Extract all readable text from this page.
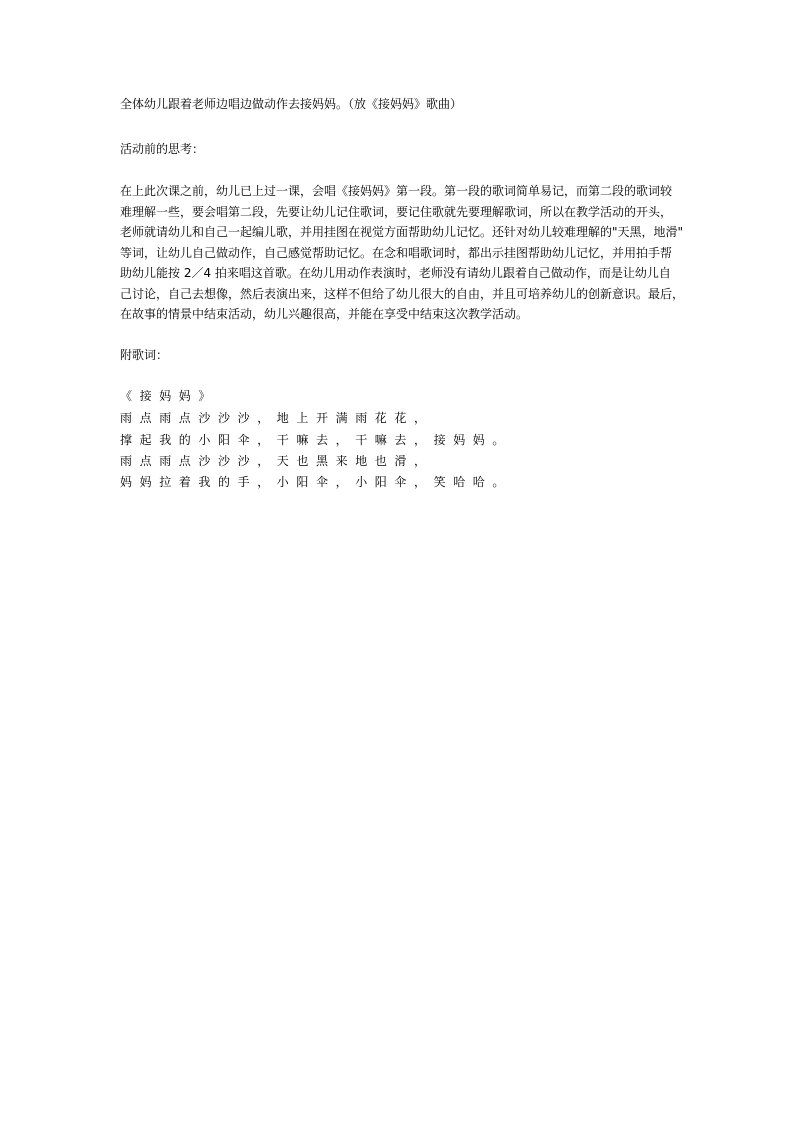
全体幼儿跟着老师边唱边做动作去接妈妈。（放《接妈妈》歌曲）
活动前的思考：
在上此次课之前，幼儿已上过一课，会唱《接妈妈》第一段。第一段的歌词简单易记，而第二段的歌词较
难理解一些，要会唱第二段，先要让幼儿记住歌词，要记住歌就先要理解歌词，所以在教学活动的开头，
老师就请幼儿和自己一起编儿歌，并用挂图在视觉方面帮助幼儿记忆。还针对幼儿较难理解的"天黑，地滑"
等词，让幼儿自己做动作，自己感觉帮助记忆。在念和唱歌词时，都出示挂图帮助幼儿记忆，并用拍手帮
助幼儿能按 2／4 拍来唱这首歌。在幼儿用动作表演时，老师没有请幼儿跟着自己做动作，而是让幼儿自
己讨论，自己去想像，然后表演出来，这样不但给了幼儿很大的自由，并且可培养幼儿的创新意识。最后，
在故事的情景中结束活动，幼儿兴趣很高，并能在享受中结束这次教学活动。
附歌词：
《接妈妈》
雨点雨点沙沙沙，地上开满雨花花，
撑起我的小阳伞，干嘛去，干嘛去，接妈妈。
雨点雨点沙沙沙，天也黑来地也滑，
妈妈拉着我的手，小阳伞，小阳伞，笑哈哈。
